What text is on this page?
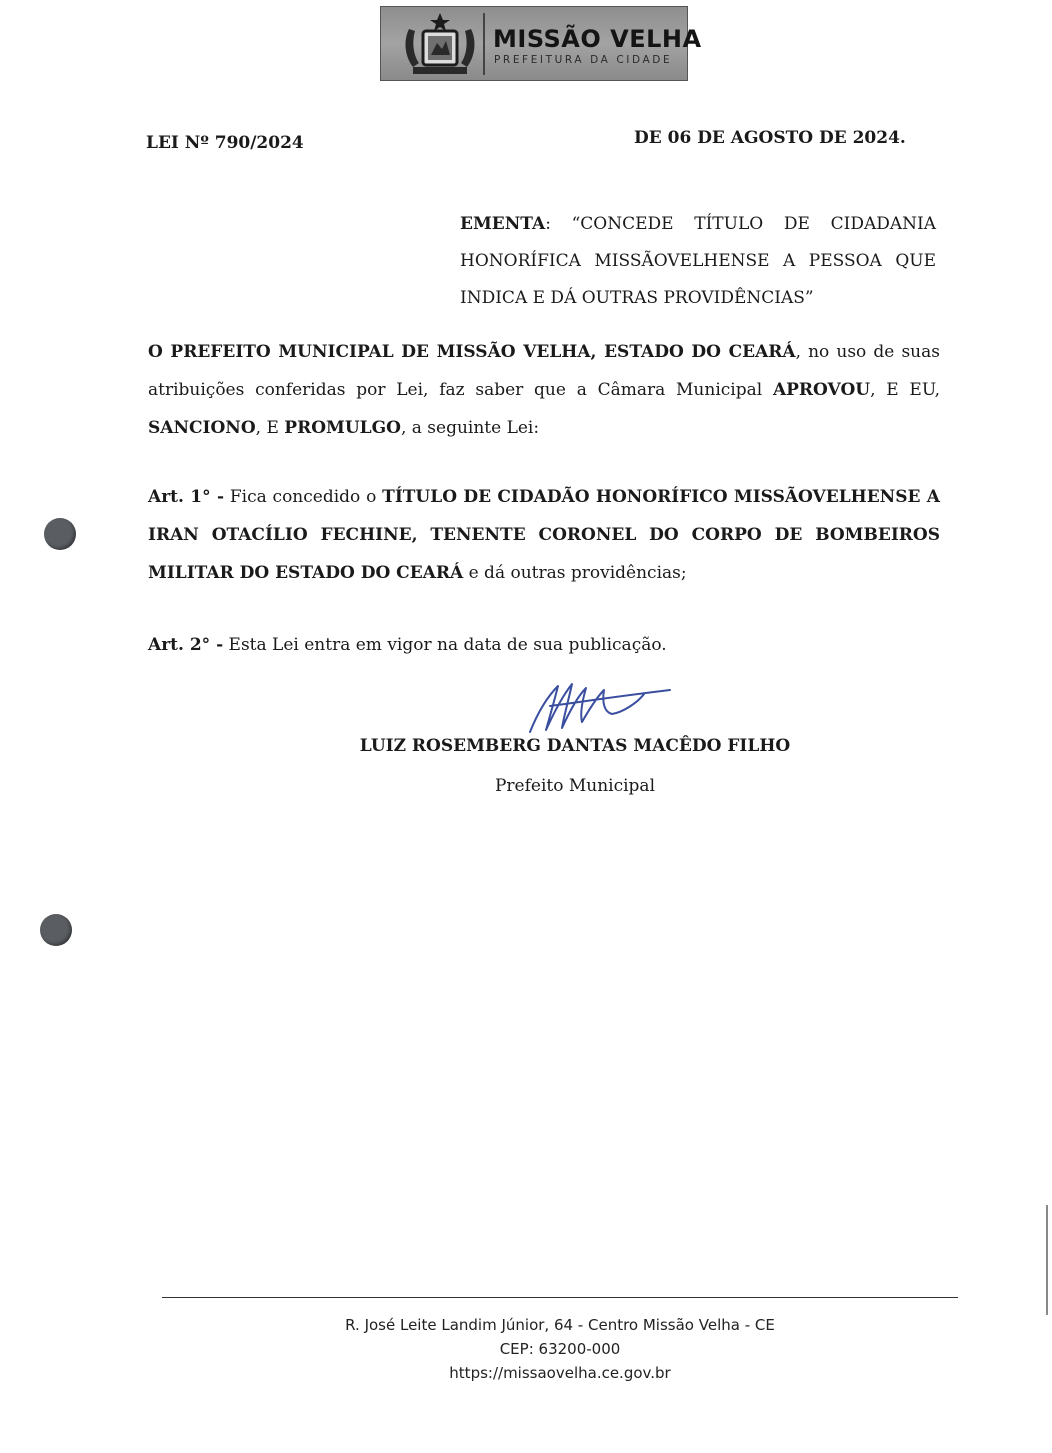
MISSÃO VELHA
PREFEITURA DA CIDADE
LEI Nº 790/2024	DE 06 DE AGOSTO DE 2024.
EMENTA: “CONCEDE TÍTULO DE CIDADANIA HONORÍFICA MISSÃOVELHENSE A PESSOA QUE INDICA E DÁ OUTRAS PROVIDÊNCIAS”
O PREFEITO MUNICIPAL DE MISSÃO VELHA, ESTADO DO CEARÁ, no uso de suas atribuições conferidas por Lei, faz saber que a Câmara Municipal APROVOU, E EU, SANCIONO, E PROMULGO, a seguinte Lei:
Art. 1° - Fica concedido o TÍTULO DE CIDADÃO HONORÍFICO MISSÃOVELHENSE A IRAN OTACÍLIO FECHINE, TENENTE CORONEL DO CORPO DE BOMBEIROS MILITAR DO ESTADO DO CEARÁ e dá outras providências;
Art. 2° - Esta Lei entra em vigor na data de sua publicação.
LUIZ ROSEMBERG DANTAS MACÊDO FILHO
Prefeito Municipal
R. José Leite Landim Júnior, 64 - Centro Missão Velha - CE
CEP: 63200-000
https://missaovelha.ce.gov.br
